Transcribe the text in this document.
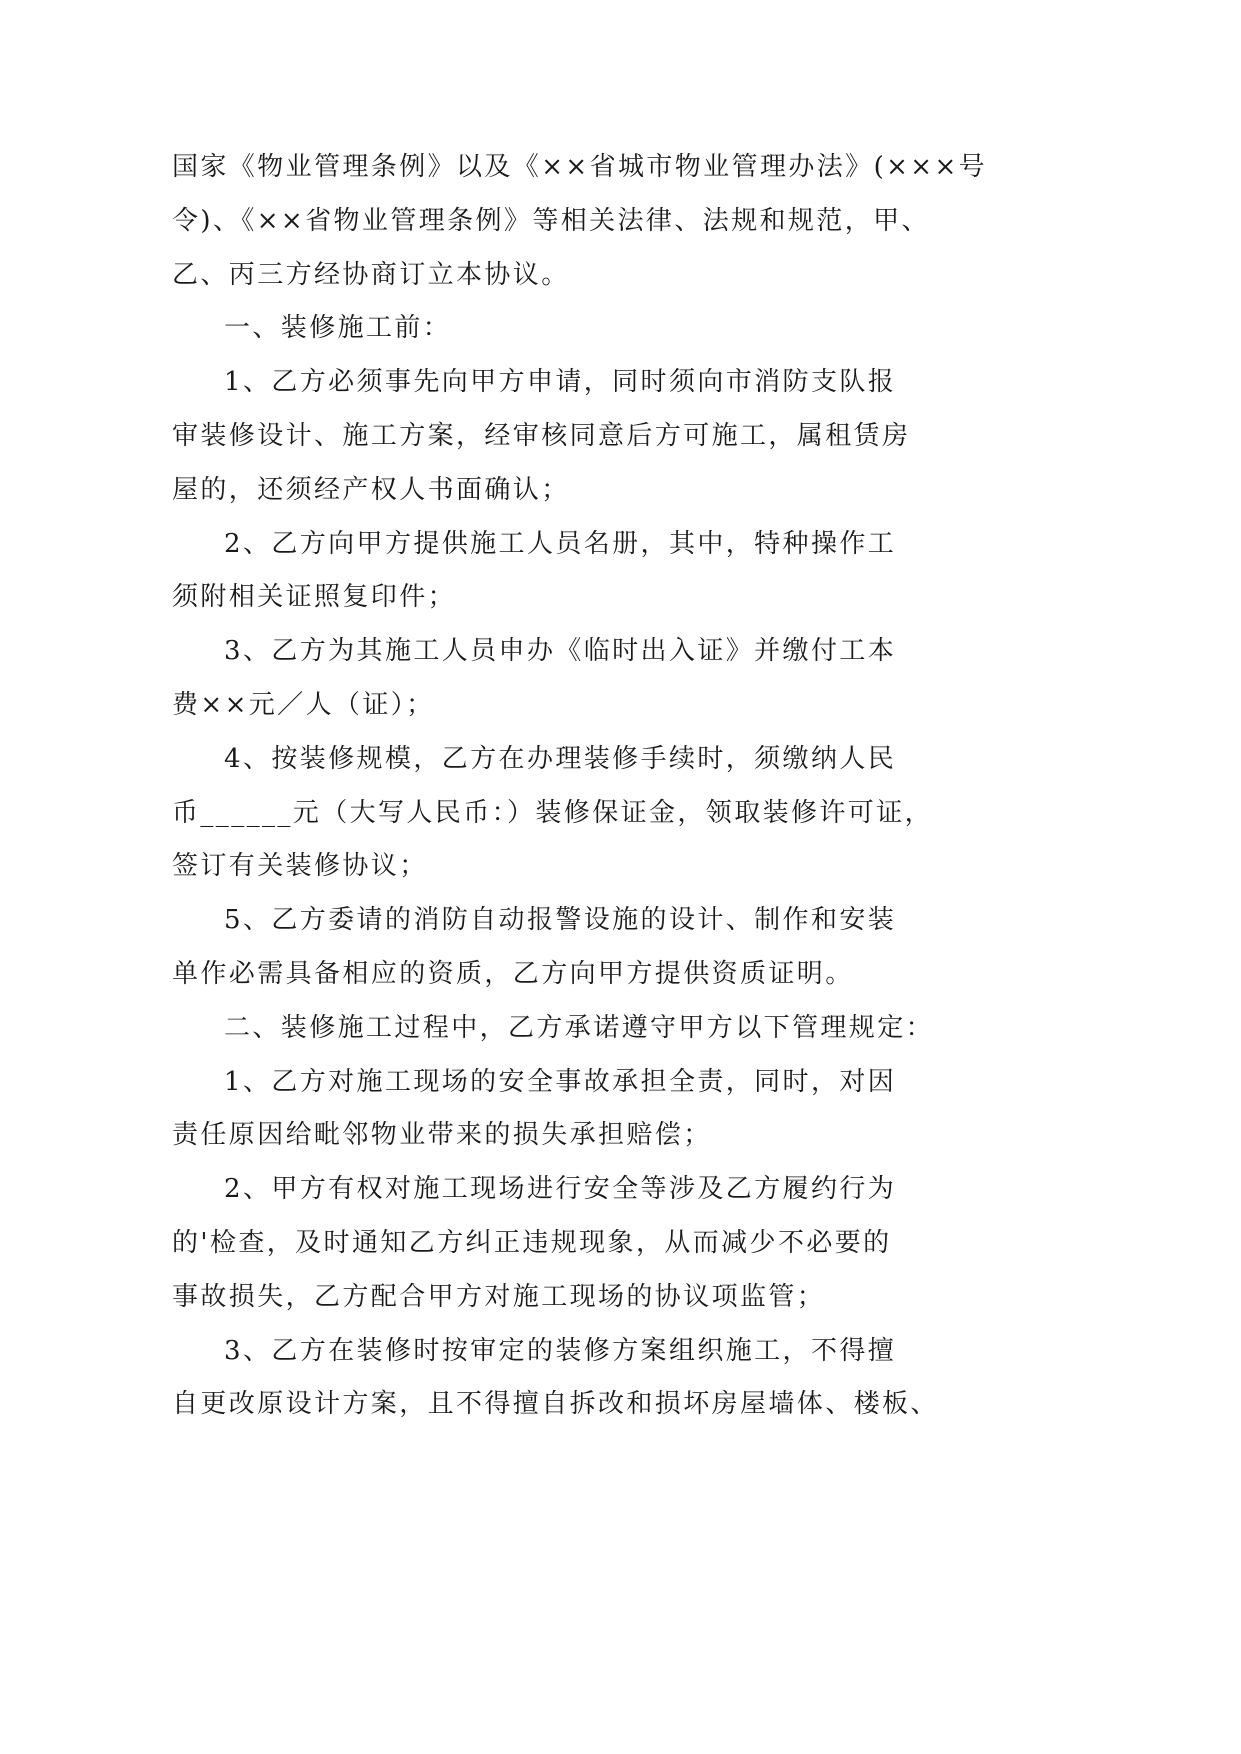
国家《物业管理条例》以及《××省城市物业管理办法》(×××号
令)、《××省物业管理条例》等相关法律、法规和规范，甲、
乙、丙三方经协商订立本协议。
一、装修施工前：
1、乙方必须事先向甲方申请，同时须向市消防支队报
审装修设计、施工方案，经审核同意后方可施工，属租赁房
屋的，还须经产权人书面确认；
2、乙方向甲方提供施工人员名册，其中，特种操作工
须附相关证照复印件；
3、乙方为其施工人员申办《临时出入证》并缴付工本
费××元／人（证）；
4、按装修规模，乙方在办理装修手续时，须缴纳人民
币______元（大写人民币：）装修保证金，领取装修许可证，
签订有关装修协议；
5、乙方委请的消防自动报警设施的设计、制作和安装
单作必需具备相应的资质，乙方向甲方提供资质证明。
二、装修施工过程中，乙方承诺遵守甲方以下管理规定：
1、乙方对施工现场的安全事故承担全责，同时，对因
责任原因给毗邻物业带来的损失承担赔偿；
2、甲方有权对施工现场进行安全等涉及乙方履约行为
的'检查，及时通知乙方纠正违规现象，从而减少不必要的
事故损失，乙方配合甲方对施工现场的协议项监管；
3、乙方在装修时按审定的装修方案组织施工，不得擅
自更改原设计方案，且不得擅自拆改和损坏房屋墙体、楼板、
